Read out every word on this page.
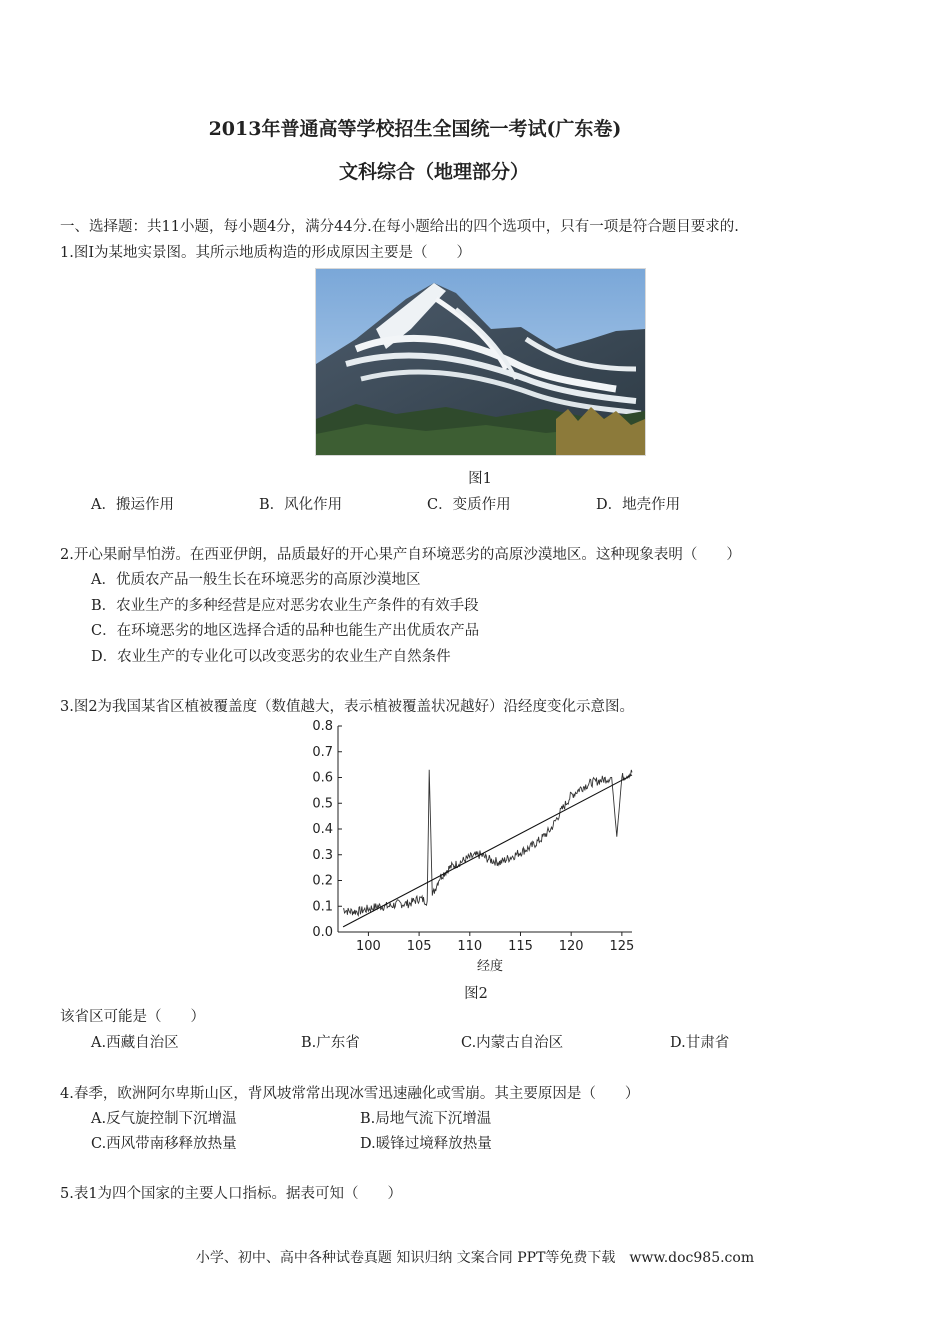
2013年普通高等学校招生全国统一考试(广东卷)
文科综合（地理部分）
一、选择题：共11小题，每小题4分，满分44分.在每小题给出的四个选项中，只有一项是符合题目要求的.
1.图Ⅰ为某地实景图。其所示地质构造的形成原因主要是（　　）
图1
A．搬运作用	B．风化作用	C．变质作用	D．地壳作用
2.开心果耐旱怕涝。在西亚伊朗，品质最好的开心果产自环境恶劣的高原沙漠地区。这种现象表明（　　）
A．优质农产品一般生长在环境恶劣的高原沙漠地区
B．农业生产的多种经营是应对恶劣农业生产条件的有效手段
C．在环境恶劣的地区选择合适的品种也能生产出优质农产品
D．农业生产的专业化可以改变恶劣的农业生产自然条件
3.图2为我国某省区植被覆盖度（数值越大，表示植被覆盖状况越好）沿经度变化示意图。
0.0
0.1
0.2
0.3
0.4
0.5
0.6
0.7
0.8
100 105 110 115 120 125
经度
图2
该省区可能是（　　）
A.西藏自治区	B.广东省	C.内蒙古自治区	D.甘肃省
4.春季，欧洲阿尔卑斯山区，背风坡常常出现冰雪迅速融化或雪崩。其主要原因是（　　）
A.反气旋控制下沉增温	B.局地气流下沉增温
C.西风带南移释放热量	D.暖锋过境释放热量
5.表1为四个国家的主要人口指标。据表可知（　　）
小学、初中、高中各种试卷真题 知识归纳 文案合同 PPT等免费下载　www.doc985.com
